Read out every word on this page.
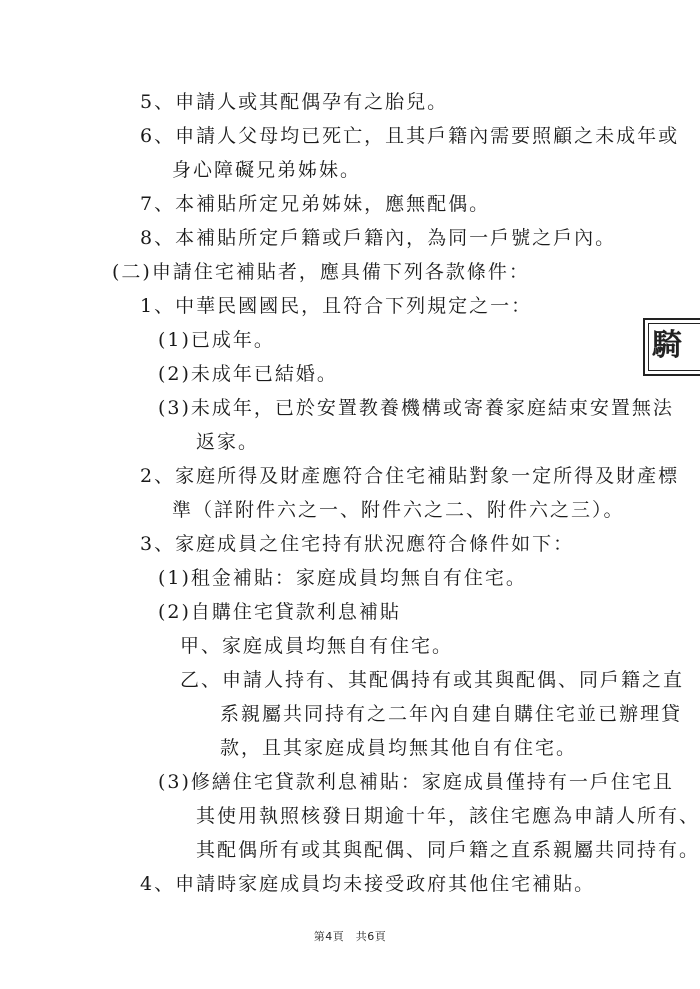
5、申請人或其配偶孕有之胎兒。
6、申請人父母均已死亡，且其戶籍內需要照顧之未成年或
身心障礙兄弟姊妹。
7、本補貼所定兄弟姊妹，應無配偶。
8、本補貼所定戶籍或戶籍內，為同一戶號之戶內。
(二)申請住宅補貼者，應具備下列各款條件：
1、中華民國國民，且符合下列規定之一：
(1)已成年。
(2)未成年已結婚。
(3)未成年，已於安置教養機構或寄養家庭結束安置無法
返家。
2、家庭所得及財產應符合住宅補貼對象一定所得及財產標
準（詳附件六之一、附件六之二、附件六之三）。
3、家庭成員之住宅持有狀況應符合條件如下：
(1)租金補貼：家庭成員均無自有住宅。
(2)自購住宅貸款利息補貼
甲、家庭成員均無自有住宅。
乙、申請人持有、其配偶持有或其與配偶、同戶籍之直
系親屬共同持有之二年內自建自購住宅並已辦理貸
款，且其家庭成員均無其他自有住宅。
(3)修繕住宅貸款利息補貼：家庭成員僅持有一戶住宅且
其使用執照核發日期逾十年，該住宅應為申請人所有、
其配偶所有或其與配偶、同戶籍之直系親屬共同持有。
4、申請時家庭成員均未接受政府其他住宅補貼。
騎
第4頁　共6頁
